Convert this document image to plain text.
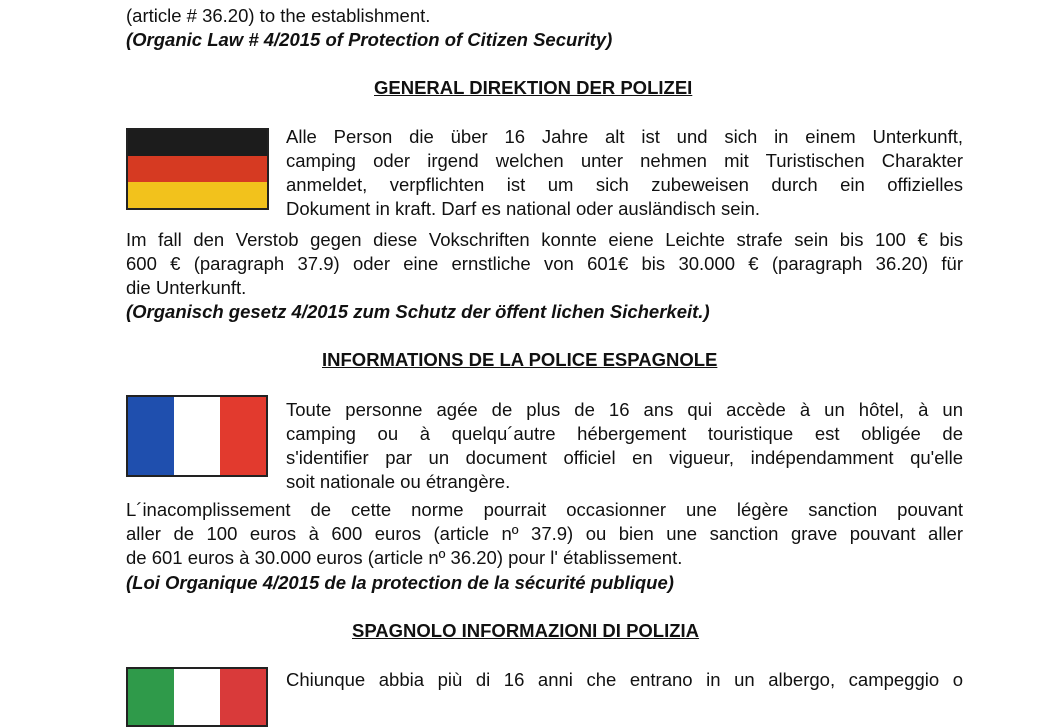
(article # 36.20) to the establishment.

(Organic Law # 4/2015 of Protection of Citizen Security)

GENERAL DIREKTION DER POLIZEI

Alle Person die über 16 Jahre alt ist und sich in einem Unterkunft,
camping oder irgend welchen unter nehmen mit Turistischen Charakter
anmeldet, verpflichten ist um sich zubeweisen durch ein offizielles
Dokument in kraft. Darf es national oder ausländisch sein.
Im fall den Verstob gegen diese Vokschriften konnte eiene Leichte strafe sein bis 100 € bis
600 € (paragraph 37.9) oder eine ernstliche von 601€ bis 30.000 € (paragraph 36.20) für
die Unterkunft.

(Organisch gesetz 4/2015 zum Schutz der öffent lichen Sicherkeit.)

INFORMATIONS DE LA POLICE ESPAGNOLE

Toute personne agée de plus de 16 ans qui accède à un hôtel, à un
camping ou à quelqu´autre hébergement touristique est obligée de
s'identifier par un document officiel en vigueur, indépendamment qu'elle
soit nationale ou étrangère.
L´inacomplissement de cette norme pourrait occasionner une légère sanction pouvant
aller de 100 euros à 600 euros (article nº 37.9) ou bien une sanction grave pouvant aller
de 601 euros à 30.000 euros (article nº 36.20) pour l' établissement.

(Loi Organique 4/2015 de la protection de la sécurité publique)

SPAGNOLO INFORMAZIONI DI POLIZIA

Chiunque abbia più di 16 anni che entrano in un albergo, campeggio o
